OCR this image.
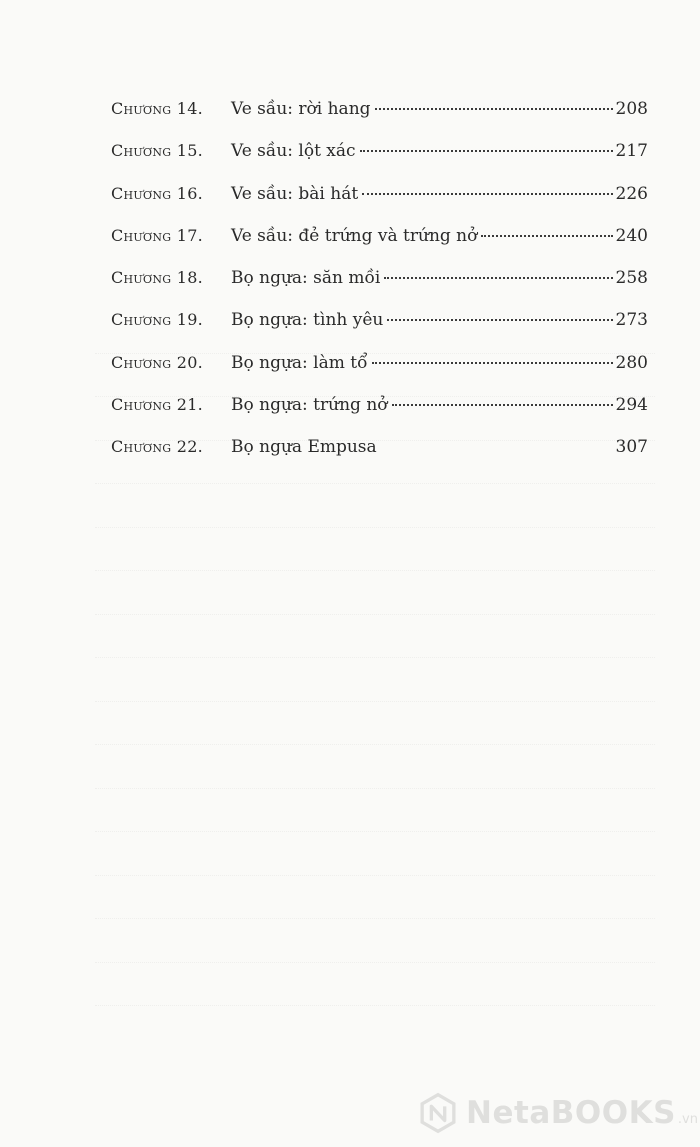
Chương 14.	Ve sầu: rời hang	208
Chương 15.	Ve sầu: lột xác	217
Chương 16.	Ve sầu: bài hát	226
Chương 17.	Ve sầu: đẻ trứng và trứng nở	240
Chương 18.	Bọ ngựa: săn mồi	258
Chương 19.	Bọ ngựa: tình yêu	273
Chương 20.	Bọ ngựa: làm tổ	280
Chương 21.	Bọ ngựa: trứng nở	294
Chương 22.	Bọ ngựa Empusa	307
NetaBOOKS .vn
